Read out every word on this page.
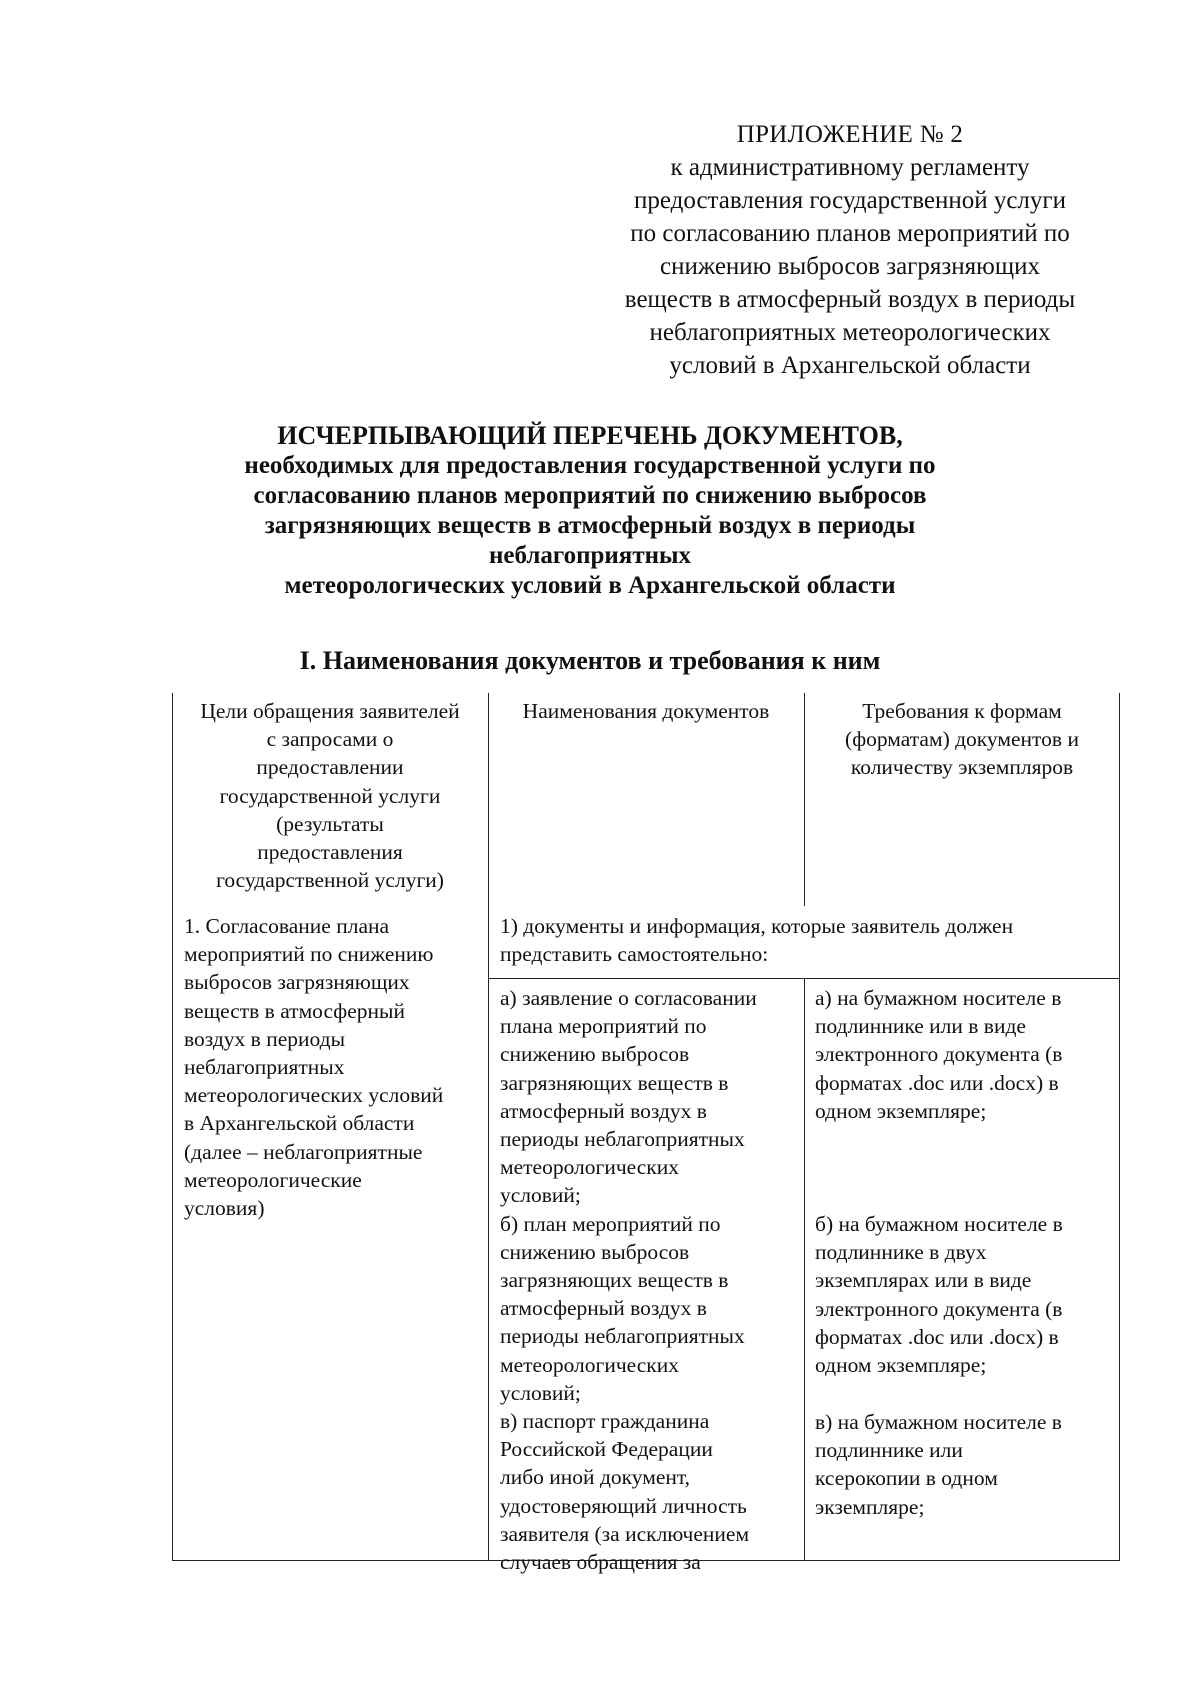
ПРИЛОЖЕНИЕ № 2
к административному регламенту
предоставления государственной услуги
по согласованию планов мероприятий по
снижению выбросов загрязняющих
веществ в атмосферный воздух в периоды
неблагоприятных метеорологических
условий в Архангельской области
ИСЧЕРПЫВАЮЩИЙ ПЕРЕЧЕНЬ ДОКУМЕНТОВ,
необходимых для предоставления государственной услуги по
согласованию планов мероприятий по снижению выбросов
загрязняющих веществ в атмосферный воздух в периоды
неблагоприятных
метеорологических условий в Архангельской области
I. Наименования документов и требования к ним
Цели обращения заявителей
с запросами о
предоставлении
государственной услуги
(результаты
предоставления
государственной услуги)
Наименования документов	Требования к формам
(форматам) документов и
количеству экземпляров
1. Согласование плана
мероприятий по снижению
выбросов загрязняющих
веществ в атмосферный
воздух в периоды
неблагоприятных
метеорологических условий
в Архангельской области
(далее – неблагоприятные
метеорологические
условия)
1) документы и информация, которые заявитель должен
представить самостоятельно:
а) заявление о согласовании
плана мероприятий по
снижению выбросов
загрязняющих веществ в
атмосферный воздух в
периоды неблагоприятных
метеорологических
условий;
б) план мероприятий по
снижению выбросов
загрязняющих веществ в
атмосферный воздух в
периоды неблагоприятных
метеорологических
условий;
в) паспорт гражданина
Российской Федерации
либо иной документ,
удостоверяющий личность
заявителя (за исключением
случаев обращения за
а) на бумажном носителе в
подлиннике или в виде
электронного документа (в
форматах .doc или .docx) в
одном экземпляре;
б) на бумажном носителе в
подлиннике в двух
экземплярах или в виде
электронного документа (в
форматах .doc или .docx) в
одном экземпляре;
в) на бумажном носителе в
подлиннике или
ксерокопии в одном
экземпляре;
